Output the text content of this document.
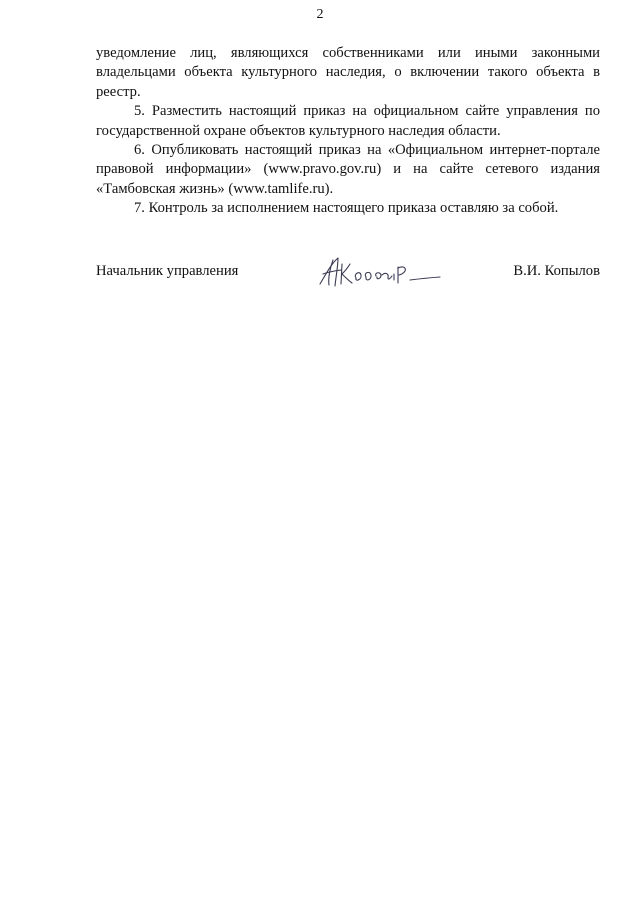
2

уведомление лиц, являющихся собственниками или иными законными владельцами объекта культурного наследия, о включении такого объекта в реестр.

5. Разместить настоящий приказ на официальном сайте управления по государственной охране объектов культурного наследия области.

6. Опубликовать настоящий приказ на «Официальном интернет-портале правовой информации» (www.pravo.gov.ru) и на сайте сетевого издания «Тамбовская жизнь» (www.tamlife.ru).

7. Контроль за исполнением настоящего приказа оставляю за собой.

Начальник управления	В.И. Копылов
